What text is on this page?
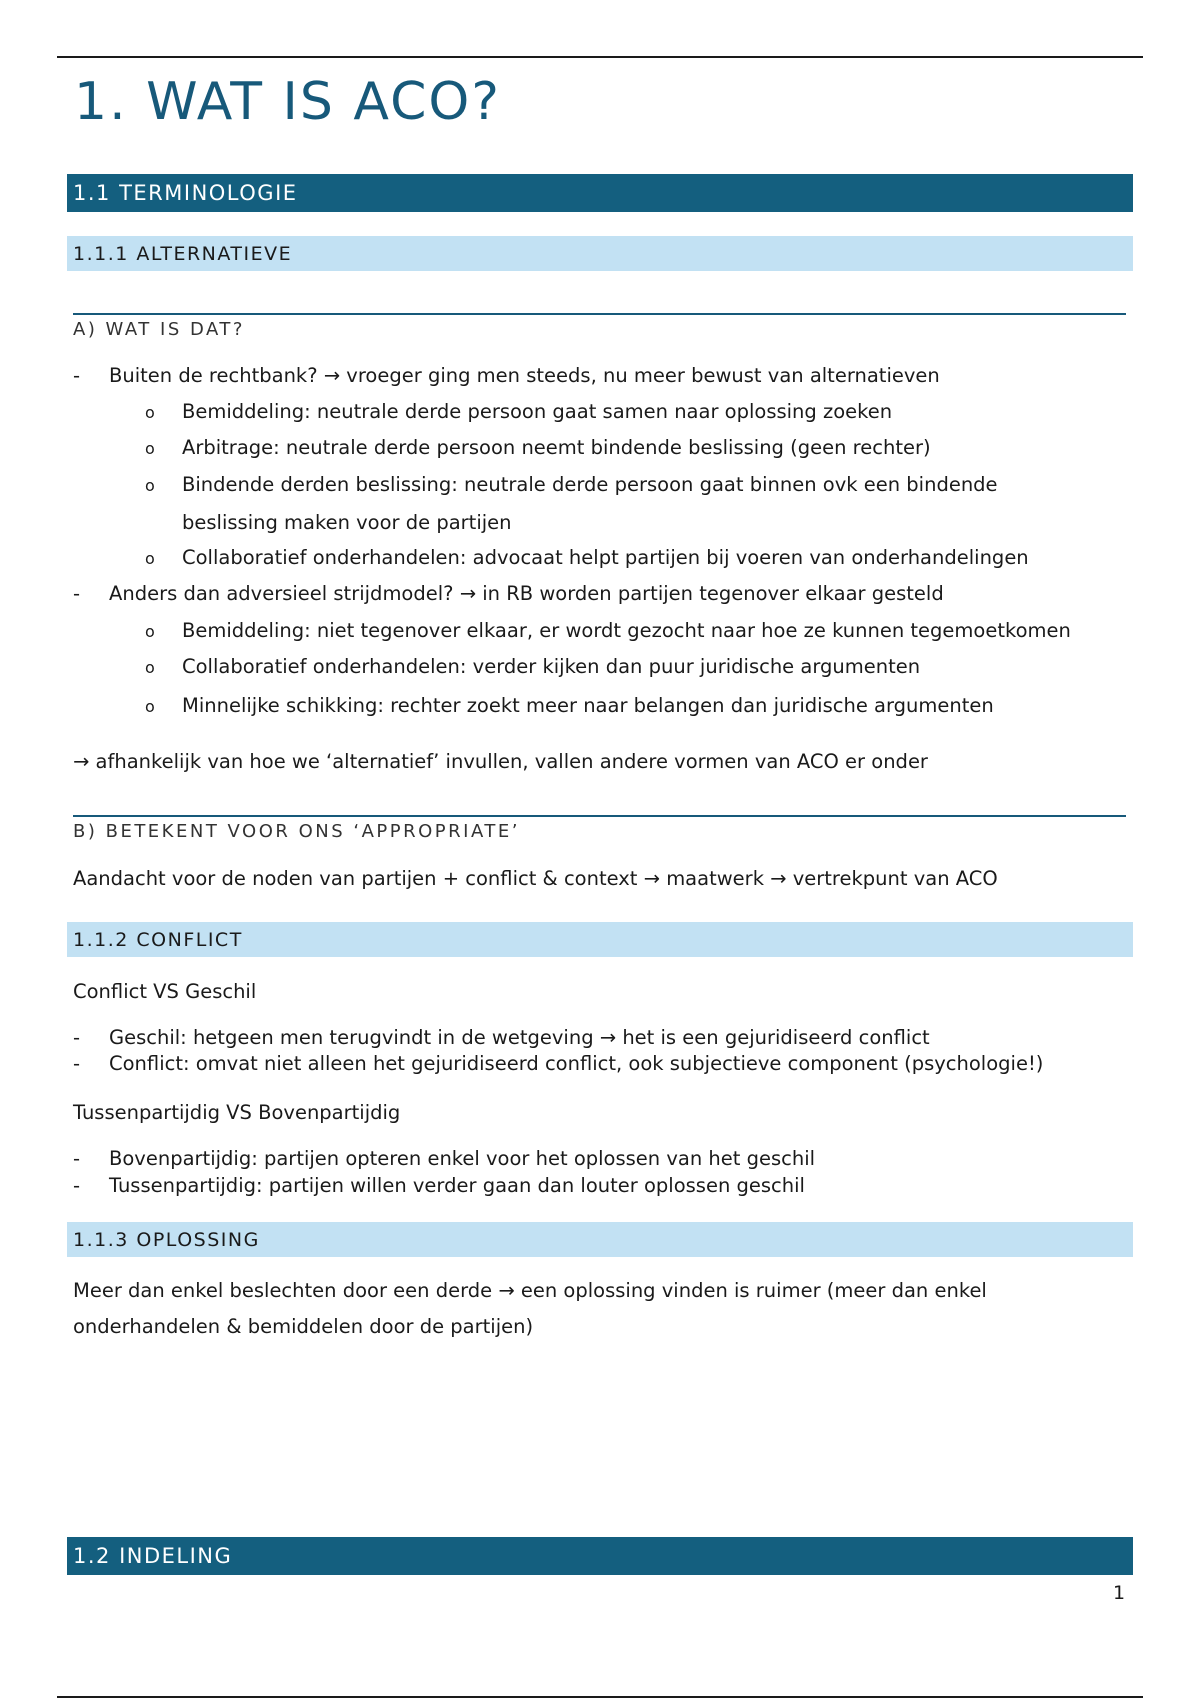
1. WAT IS ACO?
1.1 TERMINOLOGIE
1.1.1 ALTERNATIEVE
A) WAT IS DAT?
- Buiten de rechtbank? → vroeger ging men steeds, nu meer bewust van alternatieven
o Bemiddeling: neutrale derde persoon gaat samen naar oplossing zoeken
o Arbitrage: neutrale derde persoon neemt bindende beslissing (geen rechter)
o Bindende derden beslissing: neutrale derde persoon gaat binnen ovk een bindende
beslissing maken voor de partijen
o Collaboratief onderhandelen: advocaat helpt partijen bij voeren van onderhandelingen
- Anders dan adversieel strijdmodel? → in RB worden partijen tegenover elkaar gesteld
o Bemiddeling: niet tegenover elkaar, er wordt gezocht naar hoe ze kunnen tegemoetkomen
o Collaboratief onderhandelen: verder kijken dan puur juridische argumenten
o Minnelijke schikking: rechter zoekt meer naar belangen dan juridische argumenten
→ afhankelijk van hoe we ‘alternatief’ invullen, vallen andere vormen van ACO er onder
B) BETEKENT VOOR ONS ‘APPROPRIATE’
Aandacht voor de noden van partijen + conflict & context → maatwerk → vertrekpunt van ACO
1.1.2 CONFLICT
Conflict VS Geschil
- Geschil: hetgeen men terugvindt in de wetgeving → het is een gejuridiseerd conflict
- Conflict: omvat niet alleen het gejuridiseerd conflict, ook subjectieve component (psychologie!)
Tussenpartijdig VS Bovenpartijdig
- Bovenpartijdig: partijen opteren enkel voor het oplossen van het geschil
- Tussenpartijdig: partijen willen verder gaan dan louter oplossen geschil
1.1.3 OPLOSSING
Meer dan enkel beslechten door een derde → een oplossing vinden is ruimer (meer dan enkel
onderhandelen & bemiddelen door de partijen)
1.2 INDELING
1
